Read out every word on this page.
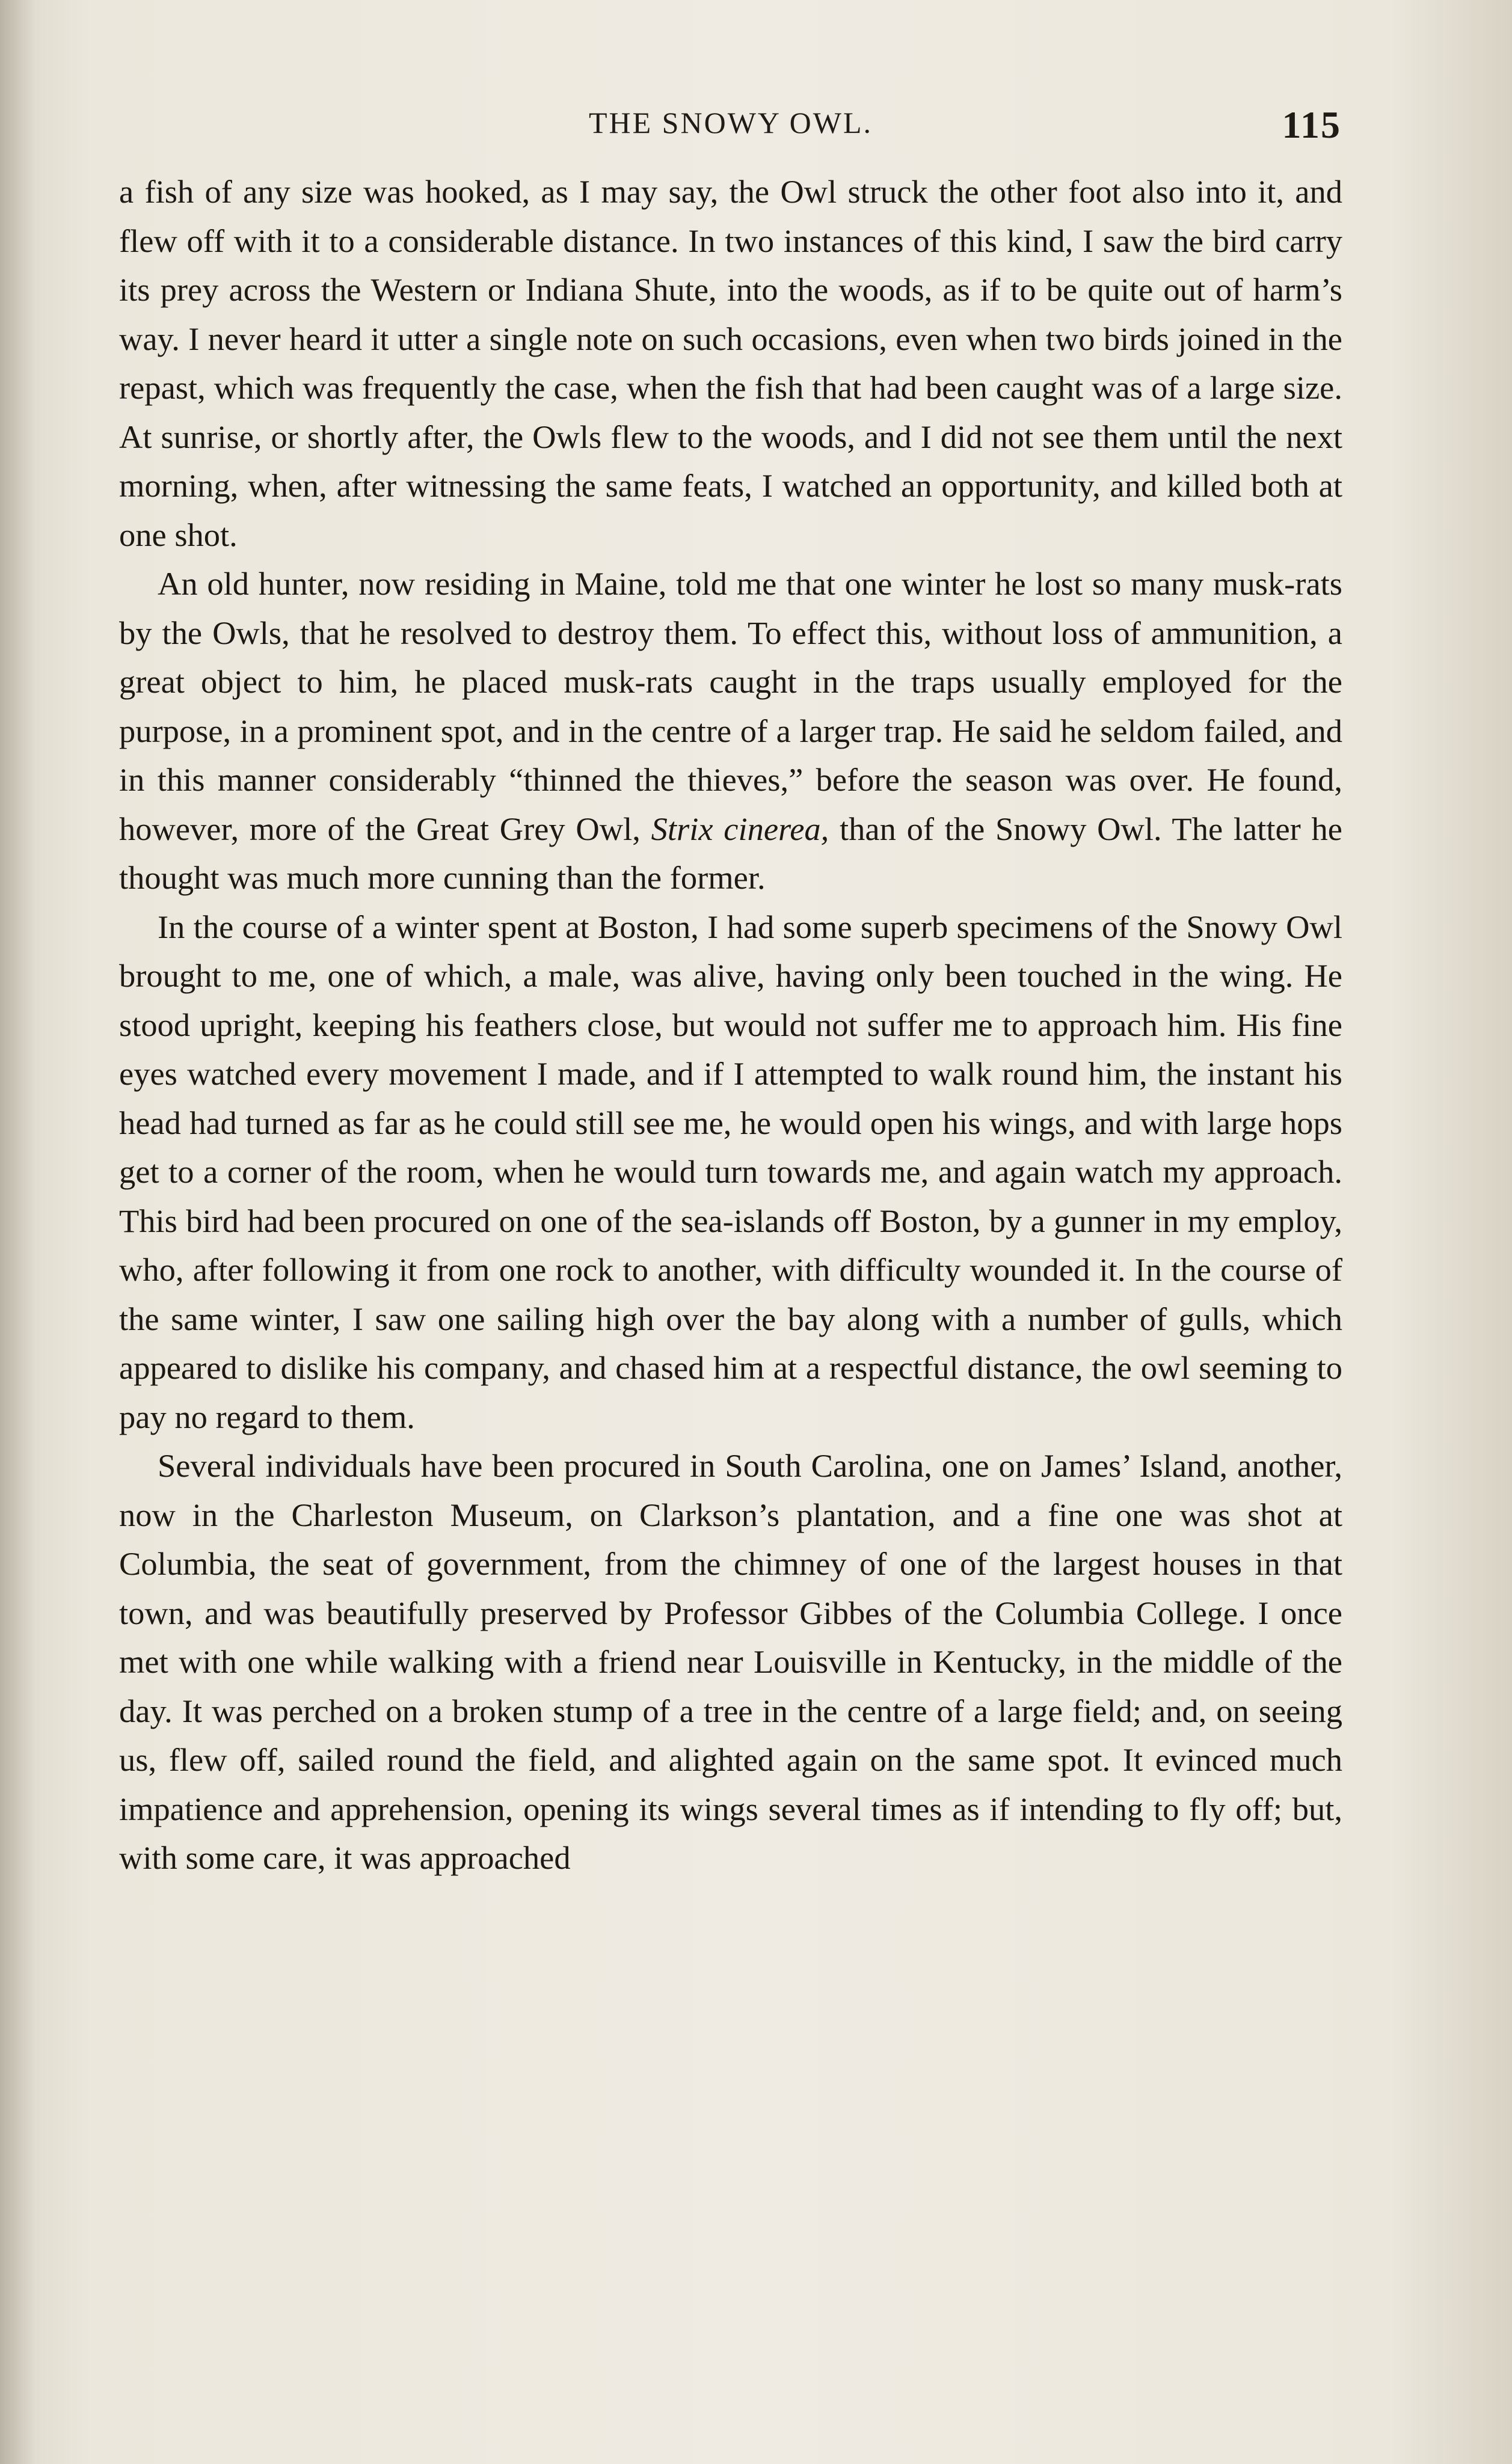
THE SNOWY OWL.	115

a fish of any size was hooked, as I may say, the Owl struck the other foot also into it, and flew off with it to a considerable distance. In two instances of this kind, I saw the bird carry its prey across the Western or Indiana Shute, into the woods, as if to be quite out of harm’s way. I never heard it utter a single note on such occasions, even when two birds joined in the repast, which was frequently the case, when the fish that had been caught was of a large size. At sunrise, or shortly after, the Owls flew to the woods, and I did not see them until the next morning, when, after witnessing the same feats, I watched an opportunity, and killed both at one shot.

An old hunter, now residing in Maine, told me that one winter he lost so many musk-rats by the Owls, that he resolved to destroy them. To effect this, without loss of ammunition, a great object to him, he placed musk-rats caught in the traps usually employed for the purpose, in a prominent spot, and in the centre of a larger trap. He said he seldom failed, and in this manner considerably “thinned the thieves,” before the season was over. He found, however, more of the Great Grey Owl, Strix cinerea, than of the Snowy Owl. The latter he thought was much more cunning than the former.

In the course of a winter spent at Boston, I had some superb specimens of the Snowy Owl brought to me, one of which, a male, was alive, having only been touched in the wing. He stood upright, keeping his feathers close, but would not suffer me to approach him. His fine eyes watched every movement I made, and if I attempted to walk round him, the instant his head had turned as far as he could still see me, he would open his wings, and with large hops get to a corner of the room, when he would turn towards me, and again watch my approach. This bird had been procured on one of the sea-islands off Boston, by a gunner in my employ, who, after following it from one rock to another, with difficulty wounded it. In the course of the same winter, I saw one sailing high over the bay along with a number of gulls, which appeared to dislike his company, and chased him at a respectful distance, the owl seeming to pay no regard to them.

Several individuals have been procured in South Carolina, one on James’ Island, another, now in the Charleston Museum, on Clarkson’s plantation, and a fine one was shot at Columbia, the seat of government, from the chimney of one of the largest houses in that town, and was beautifully preserved by Professor Gibbes of the Columbia College. I once met with one while walking with a friend near Louisville in Kentucky, in the middle of the day. It was perched on a broken stump of a tree in the centre of a large field; and, on seeing us, flew off, sailed round the field, and alighted again on the same spot. It evinced much impatience and apprehension, opening its wings several times as if intending to fly off; but, with some care, it was approached
